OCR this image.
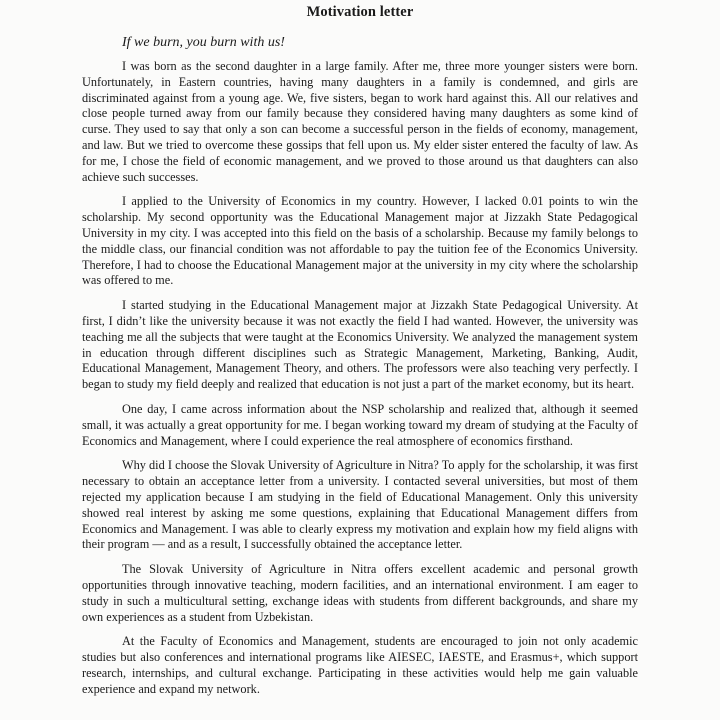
Motivation letter

If we burn, you burn with us!

I was born as the second daughter in a large family. After me, three more younger sisters were born. Unfortunately, in Eastern countries, having many daughters in a family is condemned, and girls are discriminated against from a young age. We, five sisters, began to work hard against this. All our relatives and close people turned away from our family because they considered having many daughters as some kind of curse. They used to say that only a son can become a successful person in the fields of economy, management, and law. But we tried to overcome these gossips that fell upon us. My elder sister entered the faculty of law. As for me, I chose the field of economic management, and we proved to those around us that daughters can also achieve such successes.

I applied to the University of Economics in my country. However, I lacked 0.01 points to win the scholarship. My second opportunity was the Educational Management major at Jizzakh State Pedagogical University in my city. I was accepted into this field on the basis of a scholarship. Because my family belongs to the middle class, our financial condition was not affordable to pay the tuition fee of the Economics University. Therefore, I had to choose the Educational Management major at the university in my city where the scholarship was offered to me.

I started studying in the Educational Management major at Jizzakh State Pedagogical University. At first, I didn’t like the university because it was not exactly the field I had wanted. However, the university was teaching me all the subjects that were taught at the Economics University. We analyzed the management system in education through different disciplines such as Strategic Management, Marketing, Banking, Audit, Educational Management, Management Theory, and others. The professors were also teaching very perfectly. I began to study my field deeply and realized that education is not just a part of the market economy, but its heart.

One day, I came across information about the NSP scholarship and realized that, although it seemed small, it was actually a great opportunity for me. I began working toward my dream of studying at the Faculty of Economics and Management, where I could experience the real atmosphere of economics firsthand.

Why did I choose the Slovak University of Agriculture in Nitra? To apply for the scholarship, it was first necessary to obtain an acceptance letter from a university. I contacted several universities, but most of them rejected my application because I am studying in the field of Educational Management. Only this university showed real interest by asking me some questions, explaining that Educational Management differs from Economics and Management. I was able to clearly express my motivation and explain how my field aligns with their program — and as a result, I successfully obtained the acceptance letter.

The Slovak University of Agriculture in Nitra offers excellent academic and personal growth opportunities through innovative teaching, modern facilities, and an international environment. I am eager to study in such a multicultural setting, exchange ideas with students from different backgrounds, and share my own experiences as a student from Uzbekistan.

At the Faculty of Economics and Management, students are encouraged to join not only academic studies but also conferences and international programs like AIESEC, IAESTE, and Erasmus+, which support research, internships, and cultural exchange. Participating in these activities would help me gain valuable experience and expand my network.
